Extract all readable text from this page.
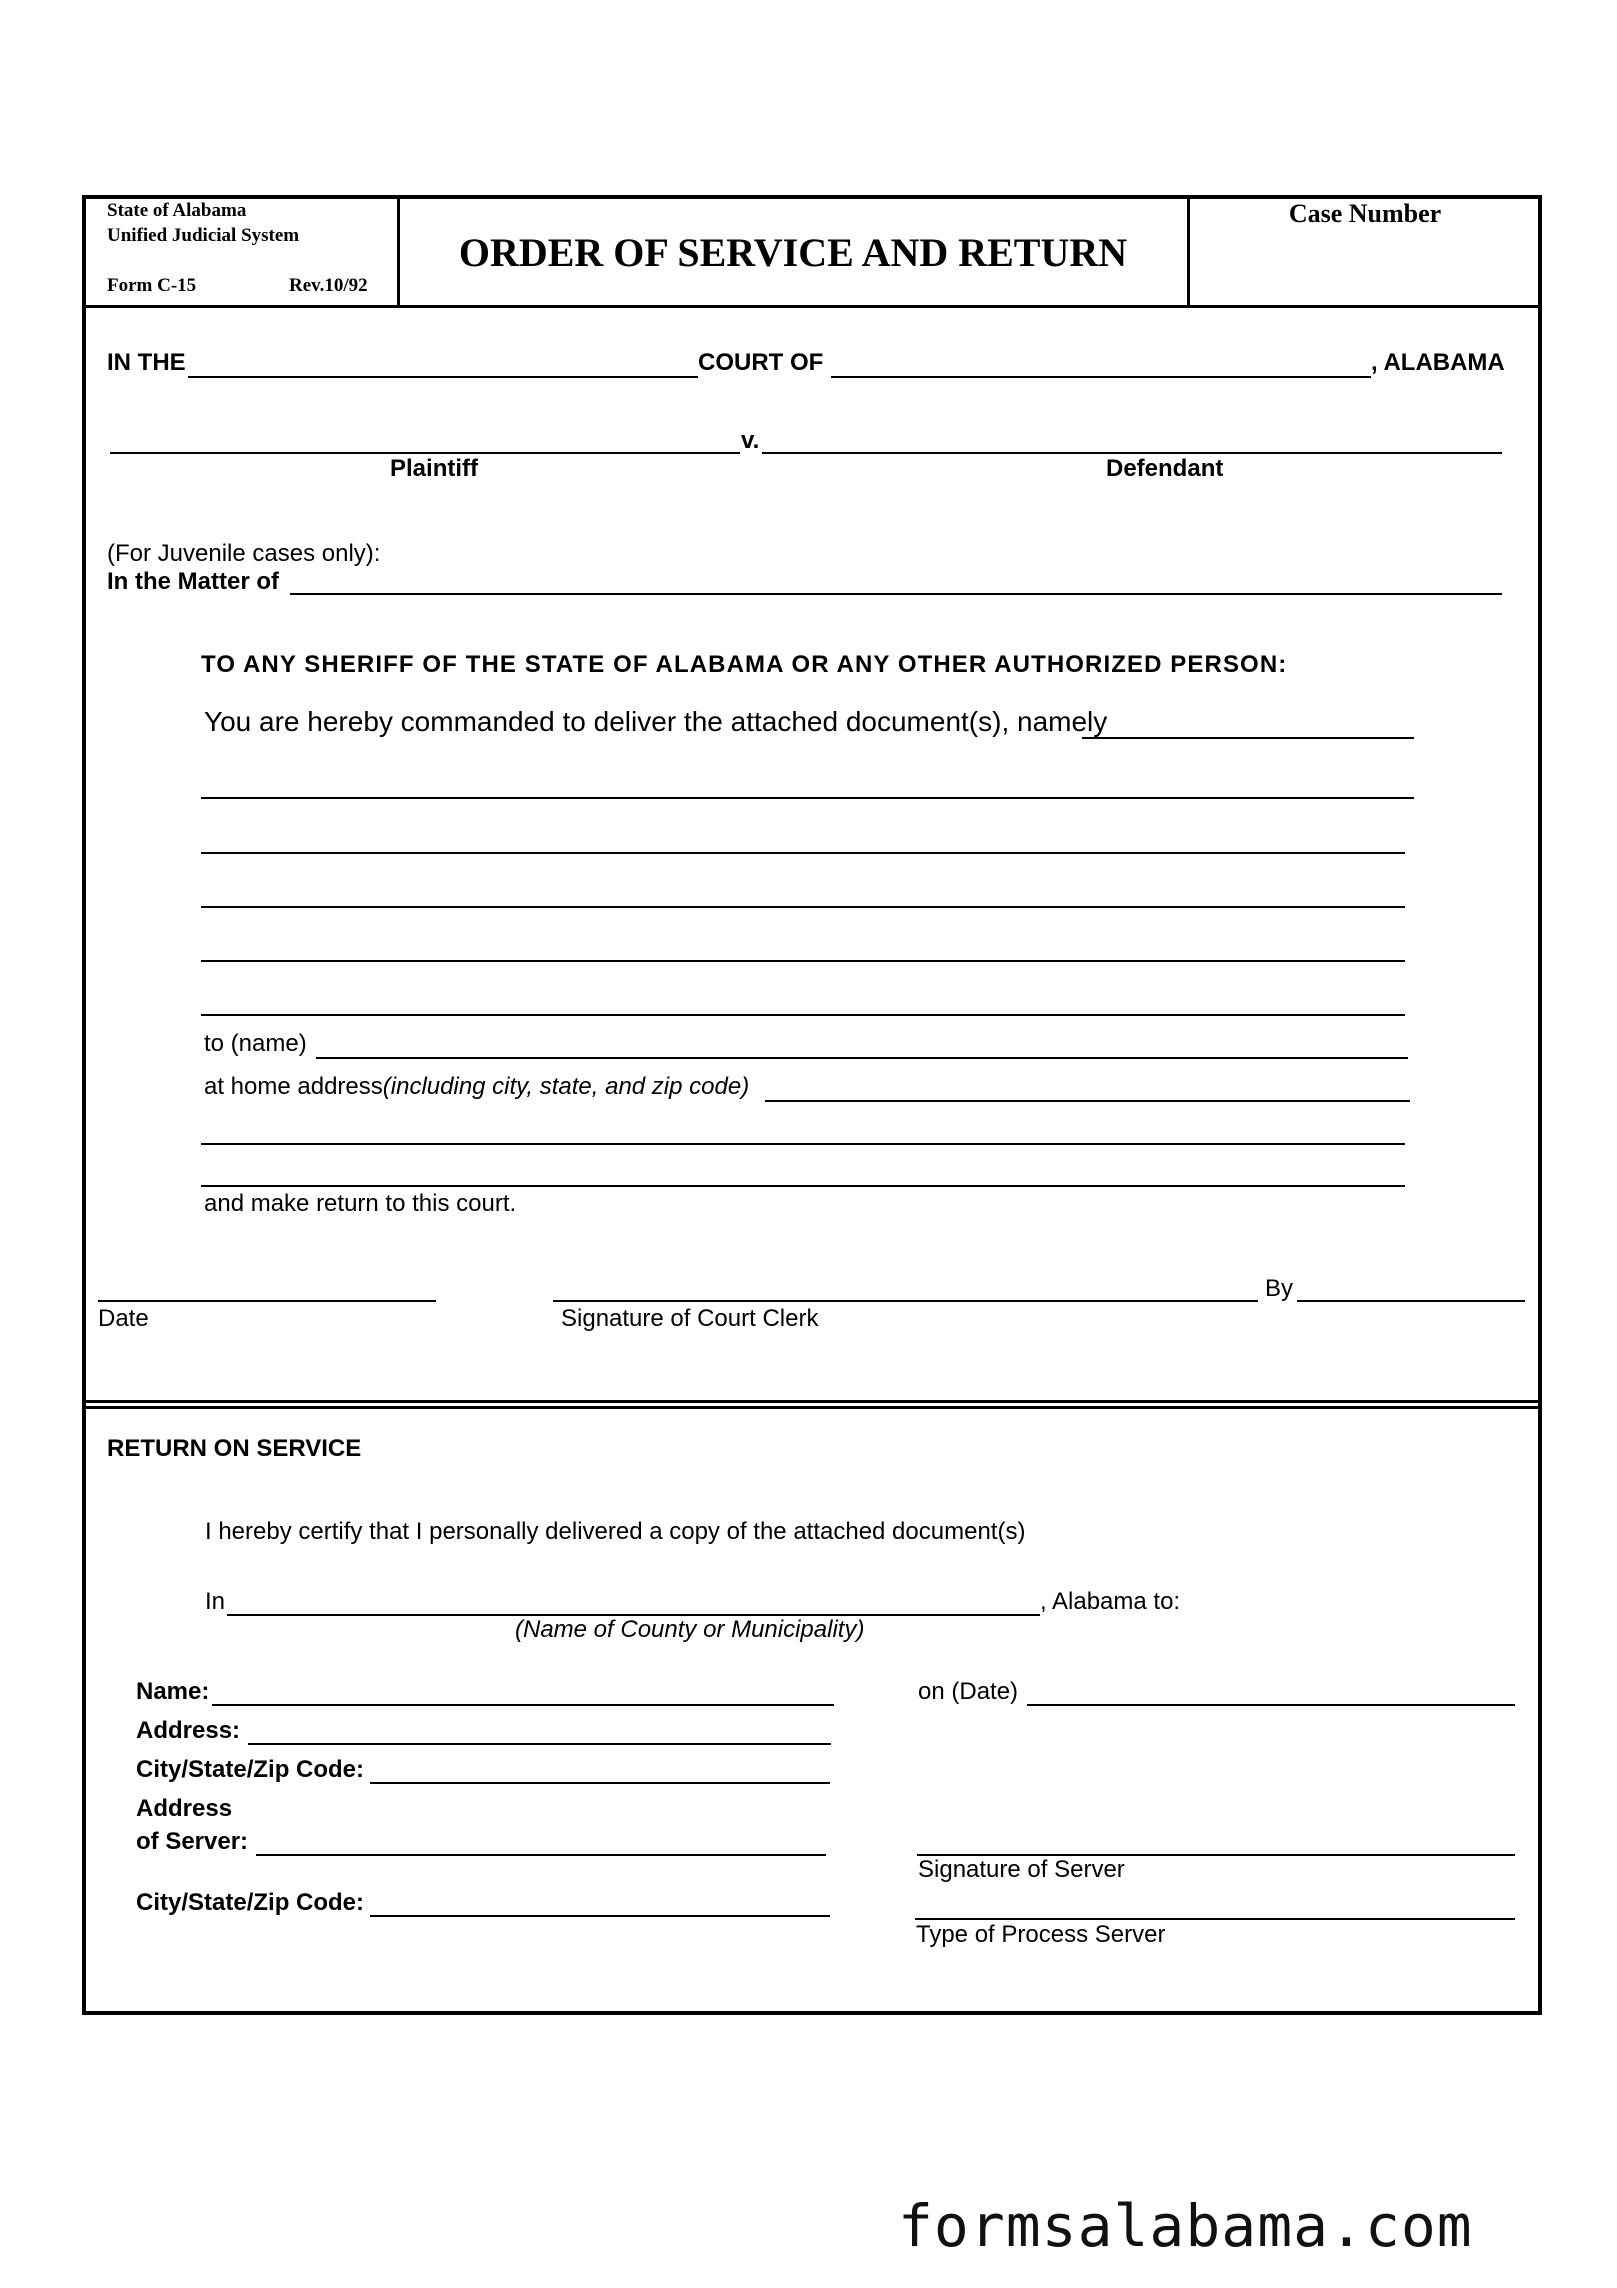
State of Alabama
Unified Judicial System
Form C-15	Rev.10/92
ORDER OF SERVICE AND RETURN
Case Number
IN THE	COURT OF	, ALABAMA
v.
Plaintiff	Defendant
(For Juvenile cases only):
In the Matter of
TO ANY SHERIFF OF THE STATE OF ALABAMA OR ANY OTHER AUTHORIZED PERSON:
You are hereby commanded to deliver the attached document(s), namely
to (name)
at home address(including city, state, and zip code)
and make return to this court.
Date	Signature of Court Clerk
By
RETURN ON SERVICE
I hereby certify that I personally delivered a copy of the attached document(s)
In	, Alabama to:
(Name of County or Municipality)
Name:
Address:
City/State/Zip Code:
Address
of Server:
City/State/Zip Code:
on (Date)
Signature of Server
Type of Process Server
formsalabama.com
